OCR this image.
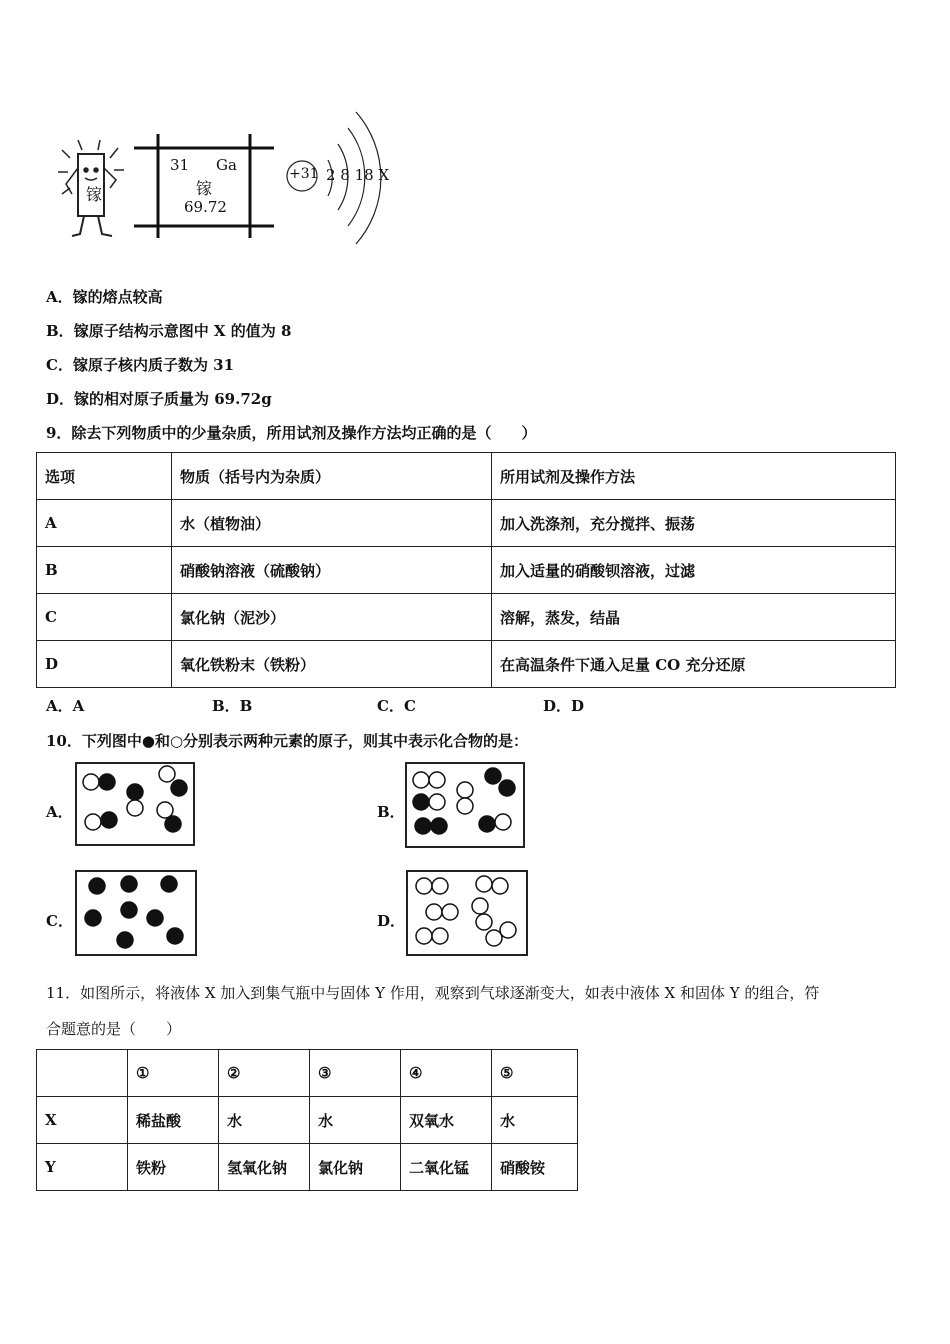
镓
31 Ga
镓
69.72
+31 2 8 18 X
A．镓的熔点较高
B．镓原子结构示意图中 X 的值为 8
C．镓原子核内质子数为 31
D．镓的相对原子质量为 69.72g
9．除去下列物质中的少量杂质，所用试剂及操作方法均正确的是（　　）
选项	物质（括号内为杂质）	所用试剂及操作方法
A	水（植物油）	加入洗涤剂，充分搅拌、振荡
B	硝酸钠溶液（硫酸钠）	加入适量的硝酸钡溶液，过滤
C	氯化钠（泥沙）	溶解，蒸发，结晶
D	氧化铁粉末（铁粉）	在高温条件下通入足量 CO 充分还原
A．A	B．B	C．C	D．D
10．下列图中●和○分别表示两种元素的原子，则其中表示化合物的是：
A．	B．
C．	D．
11．如图所示，将液体 X 加入到集气瓶中与固体 Y 作用，观察到气球逐渐变大，如表中液体 X 和固体 Y 的组合，符
合题意的是（　　）
	①	②	③	④	⑤
X	稀盐酸	水	水	双氧水	水
Y	铁粉	氢氧化钠	氯化钠	二氧化锰	硝酸铵
